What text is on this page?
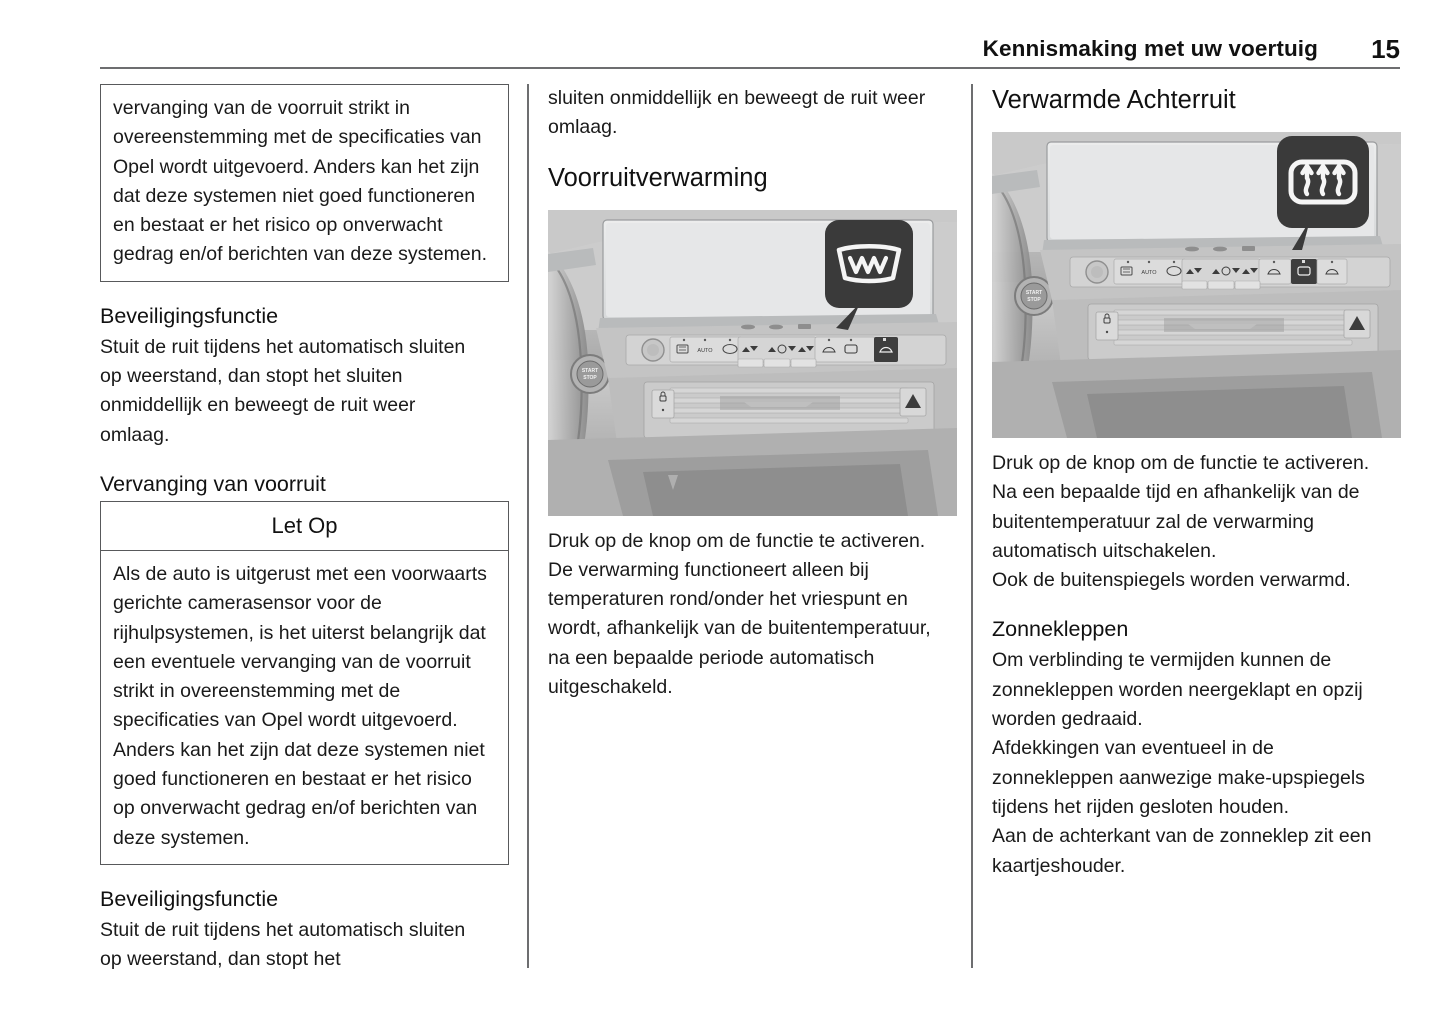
Kennismaking met uw voertuig 15

vervanging van de voorruit strikt in overeenstemming met de specificaties van Opel wordt uitgevoerd. Anders kan het zijn dat deze systemen niet goed functioneren en bestaat er het risico op onverwacht gedrag en/of berichten van deze systemen.

Beveiligingsfunctie

Stuit de ruit tijdens het automatisch sluiten op weerstand, dan stopt het sluiten onmiddellijk en beweegt de ruit weer omlaag.

Vervanging van voorruit
Let Op

Als de auto is uitgerust met een voorwaarts gerichte camerasensor voor de rijhulpsystemen, is het uiterst belangrijk dat een eventuele vervanging van de voorruit strikt in overeenstemming met de specificaties van Opel wordt uitgevoerd. Anders kan het zijn dat deze systemen niet goed functioneren en bestaat er het risico op onverwacht gedrag en/of berichten van deze systemen.

Beveiligingsfunctie

Stuit de ruit tijdens het automatisch sluiten op weerstand, dan stopt het

sluiten onmiddellijk en beweegt de ruit weer omlaag.

Voorruitverwarming
START
STOP
AUTO

Druk op de knop om de functie te activeren.

De verwarming functioneert alleen bij temperaturen rond/onder het vriespunt en wordt, afhankelijk van de buitentemperatuur, na een bepaalde periode automatisch uitgeschakeld.

Verwarmde Achterruit
START
STOP
AUTO

Druk op de knop om de functie te activeren.

Na een bepaalde tijd en afhankelijk van de buitentemperatuur zal de verwarming automatisch uitschakelen.

Ook de buitenspiegels worden verwarmd.

Zonnekleppen

Om verblinding te vermijden kunnen de zonnekleppen worden neergeklapt en opzij worden gedraaid.

Afdekkingen van eventueel in de zonnekleppen aanwezige make-upspiegels tijdens het rijden gesloten houden.

Aan de achterkant van de zonneklep zit een kaartjeshouder.
